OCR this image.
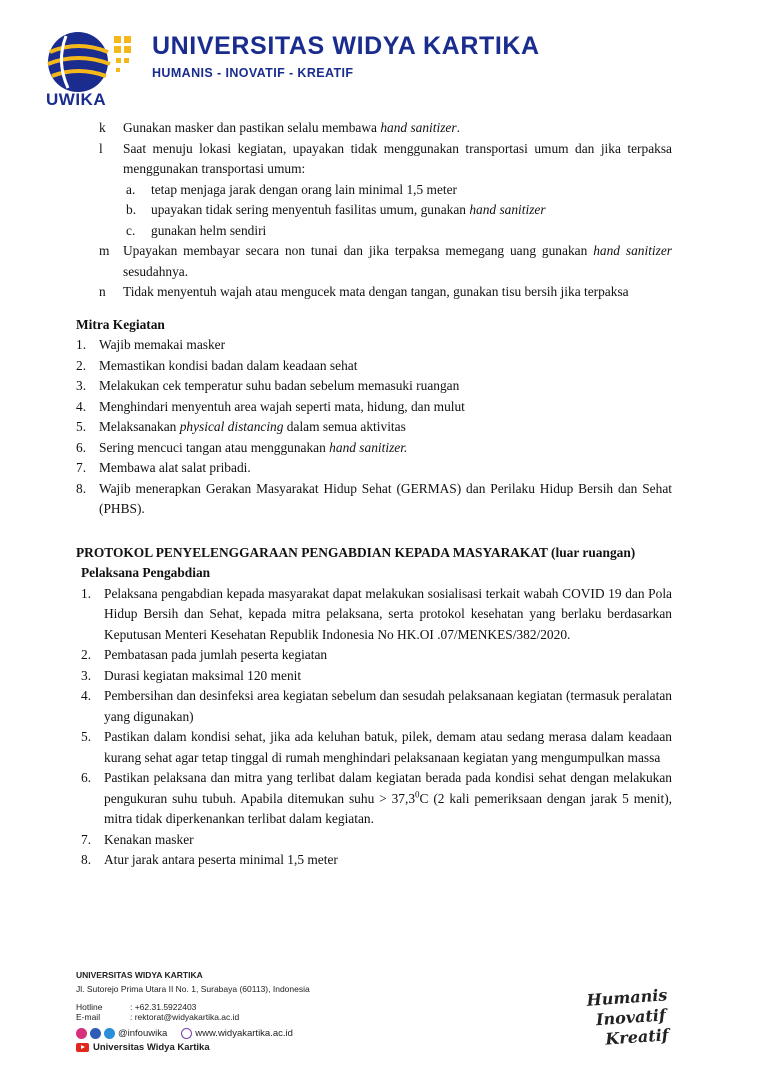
UWIKA
UNIVERSITAS WIDYA KARTIKA
HUMANIS - INOVATIF - KREATIF
k Gunakan masker dan pastikan selalu membawa hand sanitizer.
l Saat menuju lokasi kegiatan, upayakan tidak menggunakan transportasi umum dan jika terpaksa menggunakan transportasi umum:
a. tetap menjaga jarak dengan orang lain minimal 1,5 meter
b. upayakan tidak sering menyentuh fasilitas umum, gunakan hand sanitizer
c. gunakan helm sendiri
m Upayakan membayar secara non tunai dan jika terpaksa memegang uang gunakan hand sanitizer sesudahnya.
n Tidak menyentuh wajah atau mengucek mata dengan tangan, gunakan tisu bersih jika terpaksa
Mitra Kegiatan
1. Wajib memakai masker
2. Memastikan kondisi badan dalam keadaan sehat
3. Melakukan cek temperatur suhu badan sebelum memasuki ruangan
4. Menghindari menyentuh area wajah seperti mata, hidung, dan mulut
5. Melaksanakan physical distancing dalam semua aktivitas
6. Sering mencuci tangan atau menggunakan hand sanitizer.
7. Membawa alat salat pribadi.
8. Wajib menerapkan Gerakan Masyarakat Hidup Sehat (GERMAS) dan Perilaku Hidup Bersih dan Sehat (PHBS).
PROTOKOL PENYELENGGARAAN PENGABDIAN KEPADA MASYARAKAT (luar ruangan)
Pelaksana Pengabdian
1. Pelaksana pengabdian kepada masyarakat dapat melakukan sosialisasi terkait wabah COVID 19 dan Pola Hidup Bersih dan Sehat, kepada mitra pelaksana, serta protokol kesehatan yang berlaku berdasarkan Keputusan Menteri Kesehatan Republik Indonesia No HK.OI .07/MENKES/382/2020.
2. Pembatasan pada jumlah peserta kegiatan
3. Durasi kegiatan maksimal 120 menit
4. Pembersihan dan desinfeksi area kegiatan sebelum dan sesudah pelaksanaan kegiatan (termasuk peralatan yang digunakan)
5. Pastikan dalam kondisi sehat, jika ada keluhan batuk, pilek, demam atau sedang merasa dalam keadaan kurang sehat agar tetap tinggal di rumah menghindari pelaksanaan kegiatan yang mengumpulkan massa
6. Pastikan pelaksana dan mitra yang terlibat dalam kegiatan berada pada kondisi sehat dengan melakukan pengukuran suhu tubuh. Apabila ditemukan suhu > $37,3^0C$ (2 kali pemeriksaan dengan jarak 5 menit), mitra tidak diperkenankan terlibat dalam kegiatan.
7. Kenakan masker
8. Atur jarak antara peserta minimal 1,5 meter
UNIVERSITAS WIDYA KARTIKA
Jl. Sutorejo Prima Utara II No. 1, Surabaya (60113), Indonesia
Hotline	: +62.31.5922403
E-mail	: rektorat@widyakartika.ac.id
@infouwika	www.widyakartika.ac.id
Universitas Widya Kartika
Humanis
Inovatif
Kreatif
